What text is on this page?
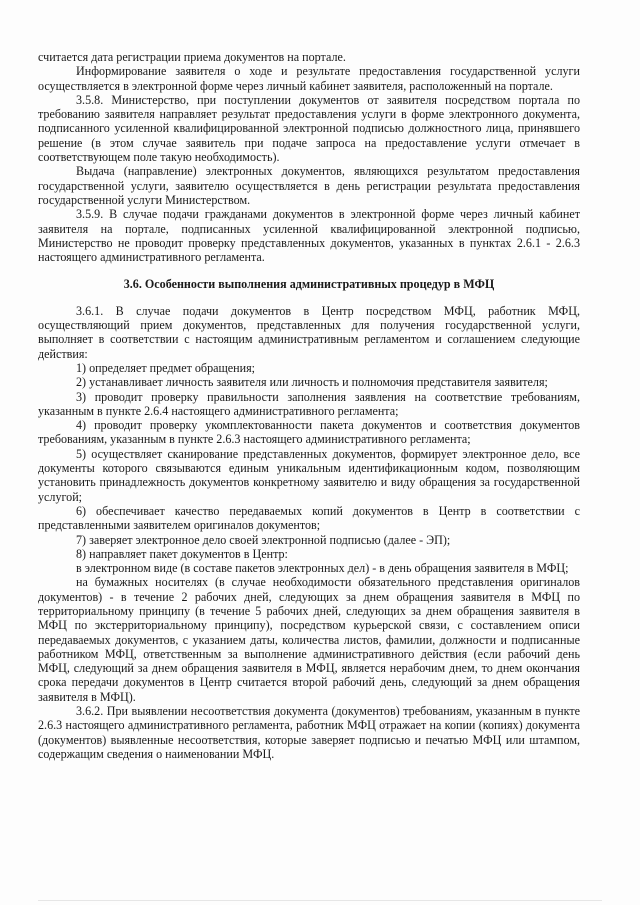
считается дата регистрации приема документов на портале.

Информирование заявителя о ходе и результате предоставления государственной услуги осуществляется в электронной форме через личный кабинет заявителя, расположенный на портале.

3.5.8. Министерство, при поступлении документов от заявителя посредством портала по требованию заявителя направляет результат предоставления услуги в форме электронного документа, подписанного усиленной квалифицированной электронной подписью должностного лица, принявшего решение (в этом случае заявитель при подаче запроса на предоставление услуги отмечает в соответствующем поле такую необходимость).

Выдача (направление) электронных документов, являющихся результатом предоставления государственной услуги, заявителю осуществляется в день регистрации результата предоставления государственной услуги Министерством.

3.5.9. В случае подачи гражданами документов в электронной форме через личный кабинет заявителя на портале, подписанных усиленной квалифицированной электронной подписью, Министерство не проводит проверку представленных документов, указанных в пунктах 2.6.1 - 2.6.3 настоящего административного регламента.

3.6. Особенности выполнения административных процедур в МФЦ

3.6.1. В случае подачи документов в Центр посредством МФЦ, работник МФЦ, осуществляющий прием документов, представленных для получения государственной услуги, выполняет в соответствии с настоящим административным регламентом и соглашением следующие действия:

1) определяет предмет обращения;

2) устанавливает личность заявителя или личность и полномочия представителя заявителя;

3) проводит проверку правильности заполнения заявления на соответствие требованиям, указанным в пункте 2.6.4 настоящего административного регламента;

4) проводит проверку укомплектованности пакета документов и соответствия документов требованиям, указанным в пункте 2.6.3 настоящего административного регламента;

5) осуществляет сканирование представленных документов, формирует электронное дело, все документы которого связываются единым уникальным идентификационным кодом, позволяющим установить принадлежность документов конкретному заявителю и виду обращения за государственной услугой;

6) обеспечивает качество передаваемых копий документов в Центр в соответствии с представленными заявителем оригиналов документов;

7) заверяет электронное дело своей электронной подписью (далее - ЭП);

8) направляет пакет документов в Центр:

в электронном виде (в составе пакетов электронных дел) - в день обращения заявителя в МФЦ;

на бумажных носителях (в случае необходимости обязательного представления оригиналов документов) - в течение 2 рабочих дней, следующих за днем обращения заявителя в МФЦ по территориальному принципу (в течение 5 рабочих дней, следующих за днем обращения заявителя в МФЦ по экстерриториальному принципу), посредством курьерской связи, с составлением описи передаваемых документов, с указанием даты, количества листов, фамилии, должности и подписанные работником МФЦ, ответственным за выполнение административного действия (если рабочий день МФЦ, следующий за днем обращения заявителя в МФЦ, является нерабочим днем, то днем окончания срока передачи документов в Центр считается второй рабочий день, следующий за днем обращения заявителя в МФЦ).

3.6.2. При выявлении несоответствия документа (документов) требованиям, указанным в пункте 2.6.3 настоящего административного регламента, работник МФЦ отражает на копии (копиях) документа (документов) выявленные несоответствия, которые заверяет подписью и печатью МФЦ или штампом, содержащим сведения о наименовании МФЦ.
